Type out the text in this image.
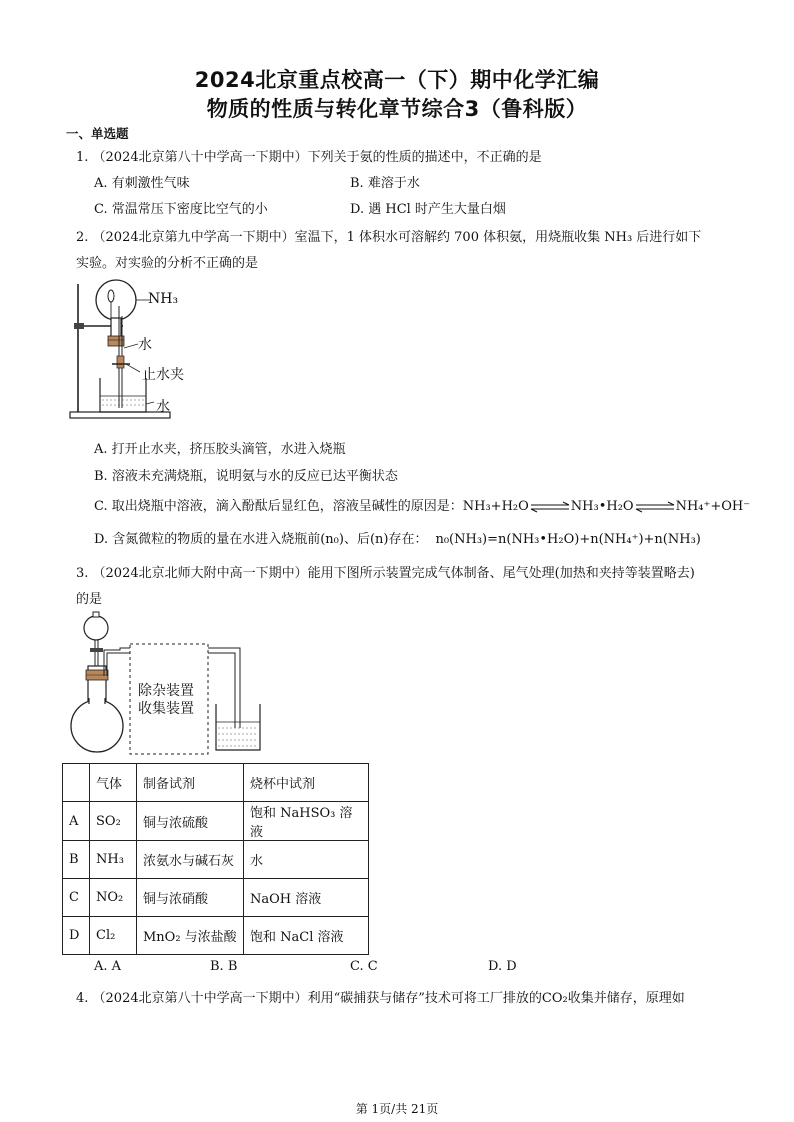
2024北京重点校高一（下）期中化学汇编
物质的性质与转化章节综合3（鲁科版）
一、单选题
1. （2024北京第八十中学高一下期中）下列关于氨的性质的描述中，不正确的是
A. 有刺激性气味	B. 难溶于水
C. 常温常压下密度比空气的小	D. 遇 HCl 时产生大量白烟
2. （2024北京第九中学高一下期中）室温下，1 体积水可溶解约 700 体积氨，用烧瓶收集 NH₃ 后进行如下
实验。对实验的分析不正确的是
NH₃
水
止水夹
水
A. 打开止水夹，挤压胶头滴管，水进入烧瓶
B. 溶液未充满烧瓶，说明氨与水的反应已达平衡状态
C. 取出烧瓶中溶液，滴入酚酞后显红色，溶液呈碱性的原因是：NH₃+H₂O⇌NH₃•H₂O⇌NH₄⁺+OH⁻
D. 含氮微粒的物质的量在水进入烧瓶前(n₀)、后(n)存在： n₀(NH₃)=n(NH₃•H₂O)+n(NH₄⁺)+n(NH₃)
3. （2024北京北师大附中高一下期中）能用下图所示装置完成气体制备、尾气处理(加热和夹持等装置略去)
的是
除杂装置
收集装置
	气体	制备试剂	烧杯中试剂
A	SO₂	铜与浓硫酸	饱和 NaHSO₃ 溶液
B	NH₃	浓氨水与碱石灰	水
C	NO₂	铜与浓硝酸	NaOH 溶液
D	Cl₂	MnO₂ 与浓盐酸	饱和 NaCl 溶液
A. A	B. B	C. C	D. D
4. （2024北京第八十中学高一下期中）利用“碳捕获与储存”技术可将工厂排放的CO₂收集并储存，原理如
第 1页/共 21页
